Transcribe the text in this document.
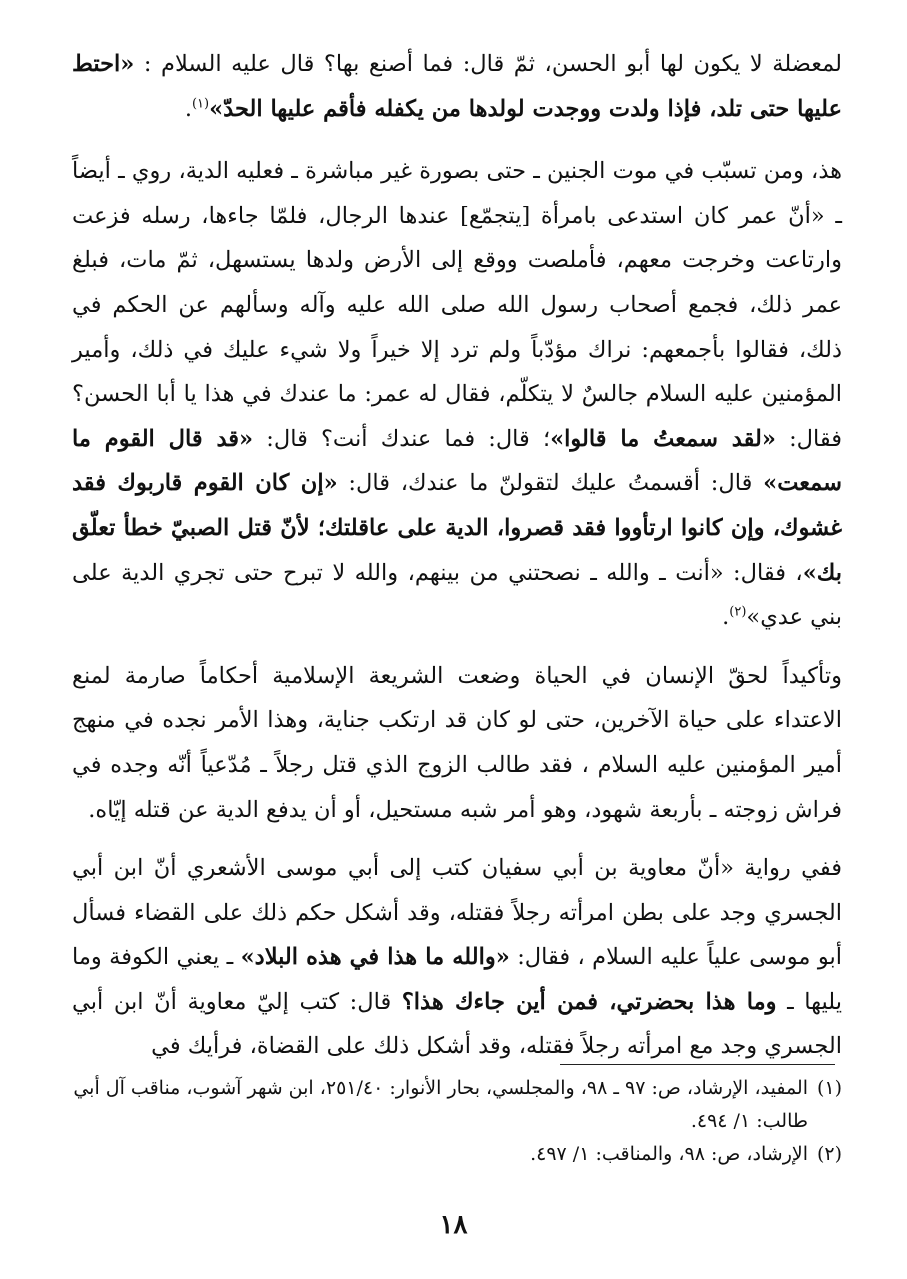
لمعضلة لا يكون لها أبو الحسن، ثمّ قال: فما أصنع بها؟ قال عليه السلام : «احتط عليها حتى تلد، فإذا ولدت ووجدت لولدها من يكفله فأقم عليها الحدّ»$^{(١)}$.

هذ، ومن تسبّب في موت الجنين ـ حتى بصورة غير مباشرة ـ فعليه الدية، روي ـ أيضاً ـ «أنّ عمر كان استدعى بامرأة [يتجمّع] عندها الرجال، فلمّا جاءها، رسله فزعت وارتاعت وخرجت معهم، فأملصت ووقع إلى الأرض ولدها يستسهل، ثمّ مات، فبلغ عمر ذلك، فجمع أصحاب رسول الله صلى الله عليه وآله وسألهم عن الحكم في ذلك، فقالوا بأجمعهم: نراك مؤدّباً ولم ترد إلا خيراً ولا شيء عليك في ذلك، وأمير المؤمنين عليه السلام جالسٌ لا يتكلّم، فقال له عمر: ما عندك في هذا يا أبا الحسن؟ فقال: «لقد سمعتُ ما قالوا»؛ قال: فما عندك أنت؟ قال: «قد قال القوم ما سمعت» قال: أقسمتُ عليك لتقولنّ ما عندك، قال: «إن كان القوم قاربوك فقد غشوك، وإن كانوا ارتأووا فقد قصروا، الدية على عاقلتك؛ لأنّ قتل الصبيّ خطأ تعلّق بك»، فقال: «أنت ـ والله ـ نصحتني من بينهم، والله لا تبرح حتى تجري الدية على بني عدي»$^{(٢)}$.

وتأكيداً لحقّ الإنسان في الحياة وضعت الشريعة الإسلامية أحكاماً صارمة لمنع الاعتداء على حياة الآخرين، حتى لو كان قد ارتكب جناية، وهذا الأمر نجده في منهج أمير المؤمنين عليه السلام ، فقد طالب الزوج الذي قتل رجلاً ـ مُدّعياً أنّه وجده في فراش زوجته ـ بأربعة شهود، وهو أمر شبه مستحيل، أو أن يدفع الدية عن قتله إيّاه.

ففي رواية «أنّ معاوية بن أبي سفيان كتب إلى أبي موسى الأشعري أنّ ابن أبي الجسري وجد على بطن امرأته رجلاً فقتله، وقد أشكل حكم ذلك على القضاء فسأل أبو موسى علياً عليه السلام ، فقال: «والله ما هذا في هذه البلاد» ـ يعني الكوفة وما يليها ـ وما هذا بحضرتي، فمن أين جاءك هذا؟ قال: كتب إليّ معاوية أنّ ابن أبي الجسري وجد مع امرأته رجلاً فقتله، وقد أشكل ذلك على القضاة، فرأيك في

(١)
المفيد، الإرشاد، ص: ٩٧ ـ ٩٨، والمجلسي، بحار الأنوار: ٢٥١/٤٠، ابن شهر آشوب، مناقب آل أبي طالب: ١/ ٤٩٤.
(٢)
الإرشاد، ص: ٩٨، والمناقب: ١/ ٤٩٧.
١٨
